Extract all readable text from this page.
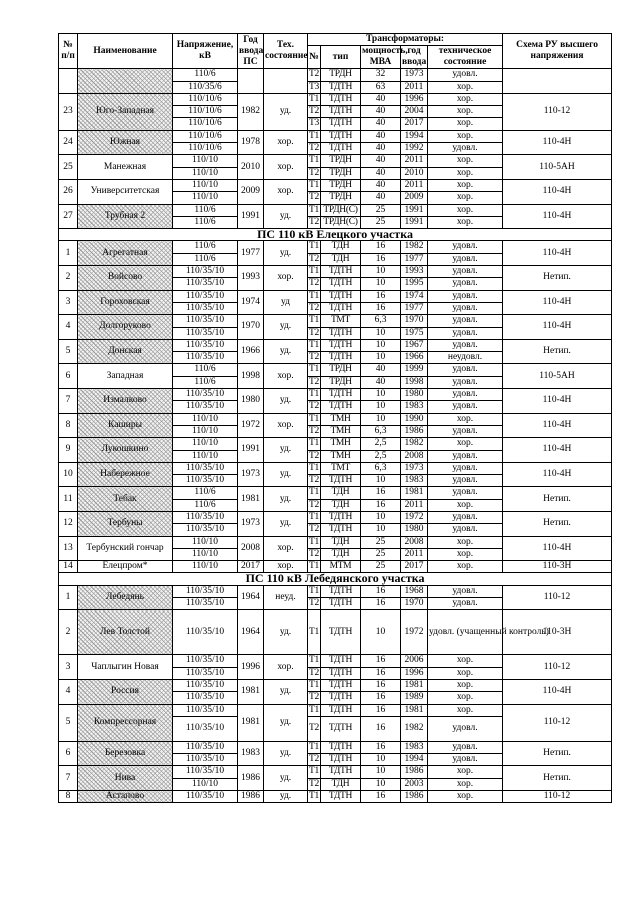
№ п/п	Наименование	Напряжение, кВ	Год ввода ПС	Тех. состояние	Трансформаторы:					Схема РУ высшего напряжения
					№	тип	мощность, МВА	год ввода	техническое состояние	
		110/6			Т2	ТРДН	32	1973	удовл.	
		110/35/6			Т3	ТДТН	63	2011	хор.	
23	Юго-Западная	110/10/6	1982	уд.	Т1	ТДТН	40	1996	хор.	110-12
		110/10/6			Т2	ТДТН	40	2004	хор.	
		110/10/6			Т3	ТДТН	40	2017	хор.	
24	Южная	110/10/6	1978	хор.	Т1	ТДТН	40	1994	хор.	110-4Н
		110/10/6			Т2	ТДТН	40	1992	удовл.	
25	Манежная	110/10	2010	хор.	Т1	ТРДН	40	2011	хор.	110-5АН
		110/10			Т2	ТРДН	40	2010	хор.	
26	Университетская	110/10	2009	хор.	Т1	ТРДН	40	2011	хор.	110-4Н
		110/10			Т2	ТРДН	40	2009	хор.	
27	Трубная 2	110/6	1991	уд.	Т1	ТРДН(С)	25	1991	хор.	110-4Н
		110/6			Т2	ТРДН(С)	25	1991	хор.	
ПС 110 кВ Елецкого участка										
1	Агрегатная	110/6	1977	уд.	Т1	ТДН	16	1982	удовл.	110-4Н
		110/6			Т2	ТДН	16	1977	удовл.	
2	Войсово	110/35/10	1993	хор.	Т1	ТДТН	10	1993	удовл.	Нетип.
		110/35/10			Т2	ТДТН	10	1995	удовл.	
3	Гороховская	110/35/10	1974	уд	Т1	ТДТН	16	1974	удовл.	110-4Н
		110/35/10			Т2	ТДТН	16	1977	удовл.	
4	Долгоруково	110/35/10	1970	уд.	Т1	ТМТ	6,3	1970	удовл.	110-4Н
		110/35/10			Т2	ТДТН	10	1975	удовл.	
5	Донская	110/35/10	1966	уд.	Т1	ТДТН	10	1967	удовл.	Нетип.
		110/35/10			Т2	ТДТН	10	1966	неудовл.	
6	Западная	110/6	1998	хор.	Т1	ТРДН	40	1999	удовл.	110-5АН
		110/6			Т2	ТРДН	40	1998	удовл.	
7	Измалково	110/35/10	1980	уд.	Т1	ТДТН	10	1980	удовл.	110-4Н
		110/35/10			Т2	ТДТН	10	1983	удовл.	
8	Каширы	110/10	1972	хор.	Т1	ТМН	10	1990	хор.	110-4Н
		110/10			Т2	ТМН	6,3	1986	удовл.	
9	Лукошкино	110/10	1991	уд.	Т1	ТМН	2,5	1982	хор.	110-4Н
		110/10			Т2	ТМН	2,5	2008	удовл.	
10	Набережное	110/35/10	1973	уд.	Т1	ТМТ	6,3	1973	удовл.	110-4Н
		110/35/10			Т2	ТДТН	10	1983	удовл.	
11	Тебак	110/6	1981	уд.	Т1	ТДН	16	1981	удовл.	Нетип.
		110/6			Т2	ТДН	16	2011	хор.	
12	Тербуны	110/35/10	1973	уд.	Т1	ТДТН	10	1972	удовл.	Нетип.
		110/35/10			Т2	ТДТН	10	1980	удовл.	
13	Тербунский гончар	110/10	2008	хор.	Т1	ТДН	25	2008	хор.	110-4Н
		110/10			Т2	ТДН	25	2011	хор.	
14	Елецпром*	110/10	2017	хор.	Т1	МТМ	25	2017	хор.	110-3Н
ПС 110 кВ Лебедянского участка										
1	Лебедянь	110/35/10	1964	неуд.	Т1	ТДТН	16	1968	удовл.	110-12
		110/35/10			Т2	ТДТН	16	1970	удовл.	
2	Лев Толстой	110/35/10	1964	уд.	Т1	ТДТН	10	1972	удовл. (учащенный контроль)	110-3Н
3	Чаплыгин Новая	110/35/10	1996	хор.	Т1	ТДТН	16	2006	хор.	110-12
		110/35/10			Т2	ТДТН	16	1996	хор.	
4	Россия	110/35/10	1981	уд.	Т1	ТДТН	16	1981	хор.	110-4Н
		110/35/10			Т2	ТДТН	16	1989	хор.	
5	Компрессорная	110/35/10	1981	уд.	Т1	ТДТН	16	1981	хор.	110-12
		110/35/10			Т2	ТДТН	16	1982	удовл.	
6	Березовка	110/35/10	1983	уд.	Т1	ТДТН	16	1983	удовл.	Нетип.
		110/35/10			Т2	ТДТН	10	1994	удовл.	
7	Нива	110/35/10	1986	уд.	Т1	ТДТН	10	1986	хор.	Нетип.
		110/10			Т2	ТДН	10	2003	хор.	
8	Астапово	110/35/10	1986	уд.	Т1	ТДТН	16	1986	хор.	110-12
